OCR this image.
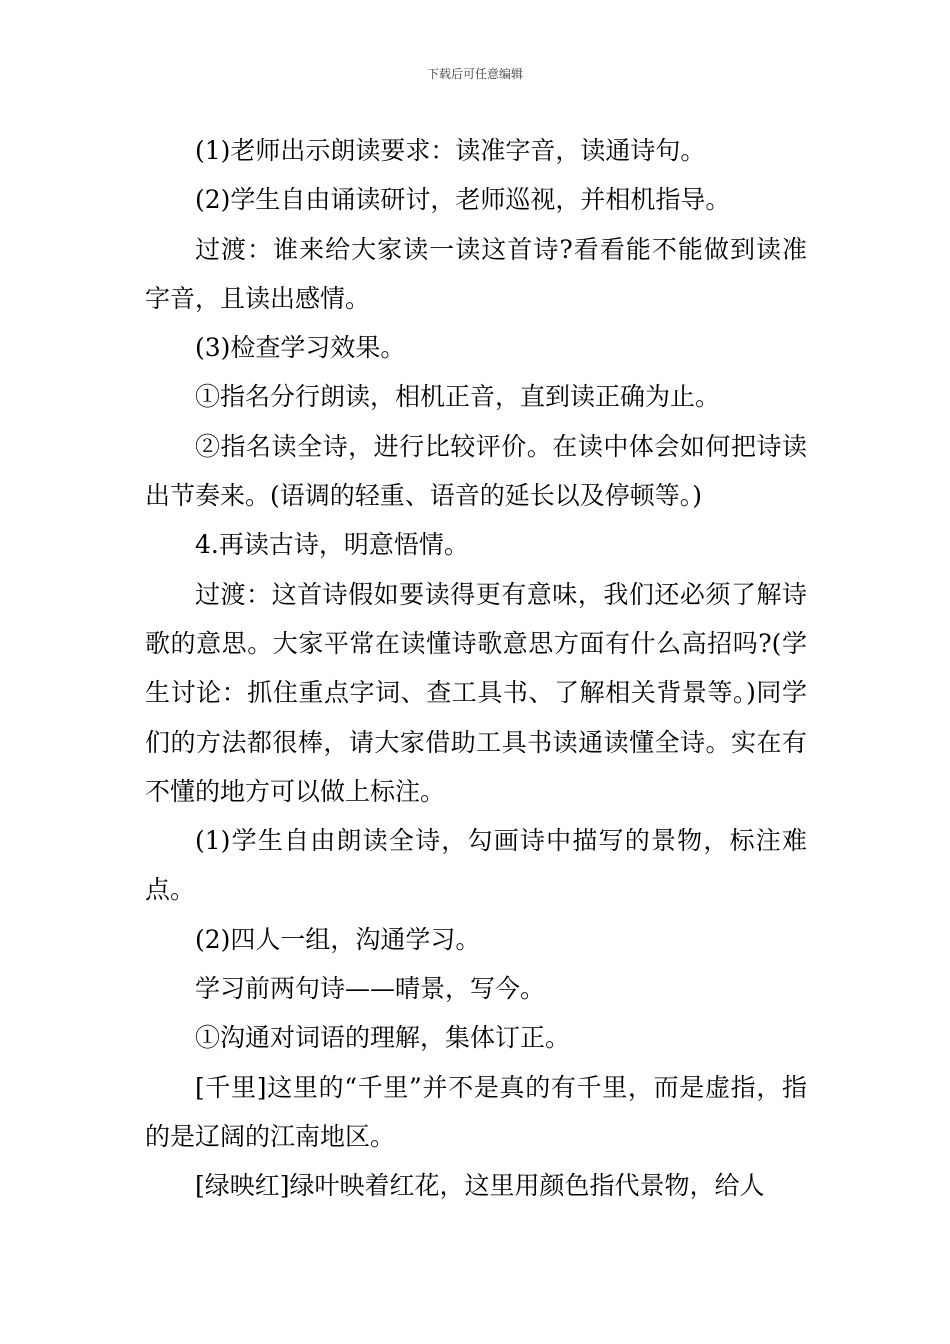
下载后可任意编辑

(1)老师出示朗读要求：读准字音，读通诗句。

(2)学生自由诵读研讨，老师巡视，并相机指导。

过渡：谁来给大家读一读这首诗?看看能不能做到读准字音，且读出感情。

(3)检查学习效果。

①指名分行朗读，相机正音，直到读正确为止。

②指名读全诗，进行比较评价。在读中体会如何把诗读出节奏来。(语调的轻重、语音的延长以及停顿等。)

4.再读古诗，明意悟情。

过渡：这首诗假如要读得更有意味，我们还必须了解诗歌的意思。大家平常在读懂诗歌意思方面有什么高招吗?(学生讨论：抓住重点字词、查工具书、了解相关背景等。)同学们的方法都很棒，请大家借助工具书读通读懂全诗。实在有不懂的地方可以做上标注。

(1)学生自由朗读全诗，勾画诗中描写的景物，标注难点。

(2)四人一组，沟通学习。

学习前两句诗——晴景，写今。

①沟通对词语的理解，集体订正。

[千里]这里的“千里”并不是真的有千里，而是虚指，指的是辽阔的江南地区。

[绿映红]绿叶映着红花，这里用颜色指代景物，给人
